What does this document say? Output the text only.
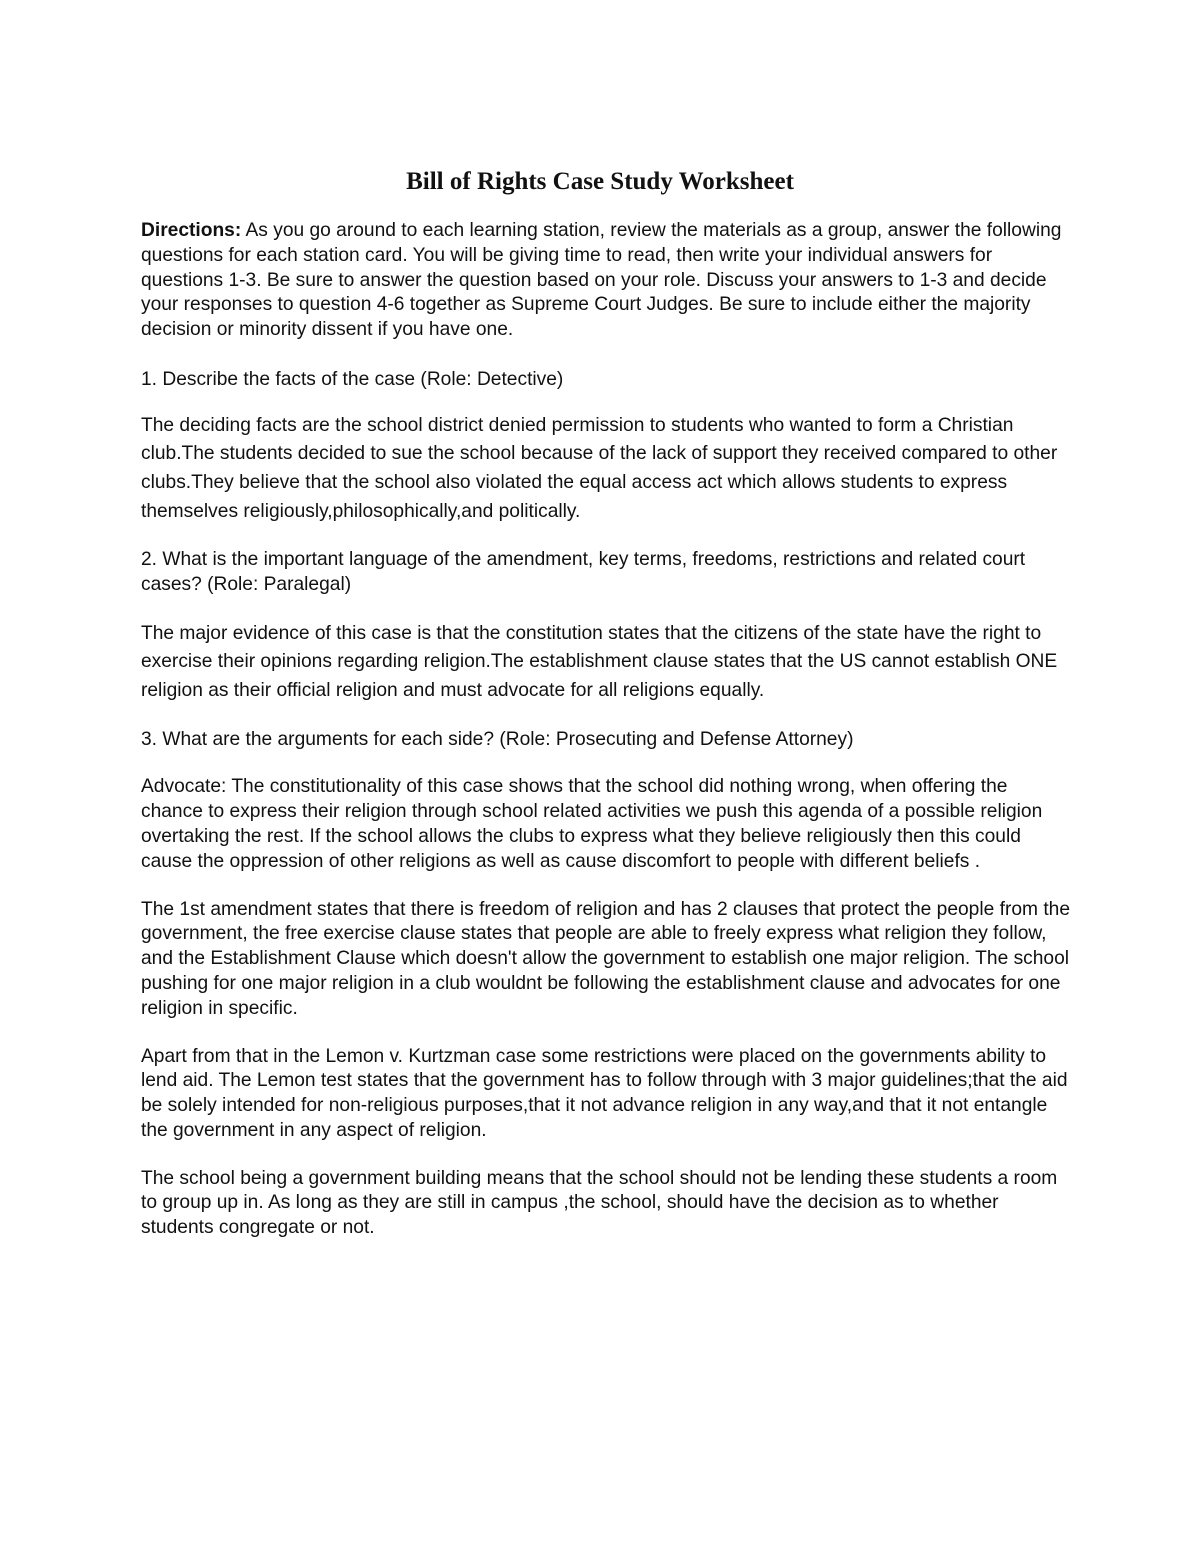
Bill of Rights Case Study Worksheet

Directions: As you go around to each learning station, review the materials as a group, answer the following questions for each station card. You will be giving time to read, then write your individual answers for questions 1-3. Be sure to answer the question based on your role. Discuss your answers to 1-3 and decide your responses to question 4-6 together as Supreme Court Judges. Be sure to include either the majority decision or minority dissent if you have one.

1. Describe the facts of the case (Role: Detective)

The deciding facts are the school district denied permission to students who wanted to form a Christian club.The students decided to sue the school because of the lack of support they received compared to other clubs.They believe that the school also violated the equal access act which allows students to express themselves religiously,philosophically,and politically.

2. What is the important language of the amendment, key terms, freedoms, restrictions and related court cases? (Role: Paralegal)

The major evidence of this case is that the constitution states that the citizens of the state have the right to exercise their opinions regarding religion.The establishment clause states that the US cannot establish ONE religion as their official religion and must advocate for all religions equally.

3. What are the arguments for each side? (Role: Prosecuting and Defense Attorney)

Advocate: The constitutionality of this case shows that the school did nothing wrong, when offering the chance to express their religion through school related activities we push this agenda of a possible religion overtaking the rest. If the school allows the clubs to express what they believe religiously then this could cause the oppression of other religions as well as cause discomfort to people with different beliefs .

The 1st amendment states that there is freedom of religion and has 2 clauses that protect the people from the government, the free exercise clause states that people are able to freely express what religion they follow, and the Establishment Clause which doesn't allow the government to establish one major religion. The school pushing for one major religion in a club wouldnt be following the establishment clause and advocates for one religion in specific.

Apart from that in the Lemon v. Kurtzman case some restrictions were placed on the governments ability to lend aid. The Lemon test states that the government has to follow through with 3 major guidelines;that the aid be solely intended for non-religious purposes,that it not advance religion in any way,and that it not entangle the government in any aspect of religion.

The school being a government building means that the school should not be lending these students a room to group up in. As long as they are still in campus ,the school, should have the decision as to whether students congregate or not.
